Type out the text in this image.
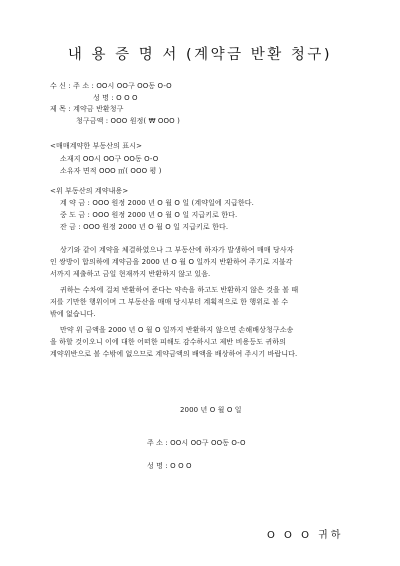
내 용 증 명 서 (계약금 반환 청구)
수 신 : 주 소 : OO시 OO구 OO동 O-O
성 명 : O O O
제 목 : 계약금 반환청구
청구금액 : OOO 원정( ₩ OOO )
<매매계약한 부동산의 표시>
소재지 OO시 OO구 OO동 O-O
소유자 면적 OOO ㎡( OOO 평 )
<위 부동산의 계약내용>
계 약 금 : OOO 원정 2000 년 O 월 O 일 (계약일에 지급한다.
중 도 금 : OOO 원정 2000 년 O 월 O 일 지급키로 한다.
잔 금 : OOO 원정 2000 년 O 월 O 일 지급키로 한다.
상기와 같이 계약을 체결하였으나 그 부동산에 하자가 발생하여 매매 당사자
인 쌍방이 합의하에 계약금을 2000 년 O 월 O 일까지 반환하여 주기로 지불각
서까지 제출하고 금일 현재까지 반환하지 않고 있음.
귀하는 수차에 걸쳐 반환하여 준다는 약속을 하고도 반환하지 않은 것을 볼 때
저를 기만한 행위이며 그 부동산을 매매 당시부터 계획적으로 한 행위로 볼 수
밖에 없습니다.
만약 위 금액을 2000 년 O 월 O 일까지 반환하지 않으면 손해배상청구소송
을 하할 것이오니 이에 대한 어떠한 피해도 감수하시고 제반 비용등도 귀하의
계약위반으로 볼 수밖에 없으므로 계약금액의 배액을 배상하여 주시기 바랍니다.
2000 년 O 월 O 일
주 소 : OO시 OO구 OO동 O-O
성 명 : O O O
O O O 귀하
